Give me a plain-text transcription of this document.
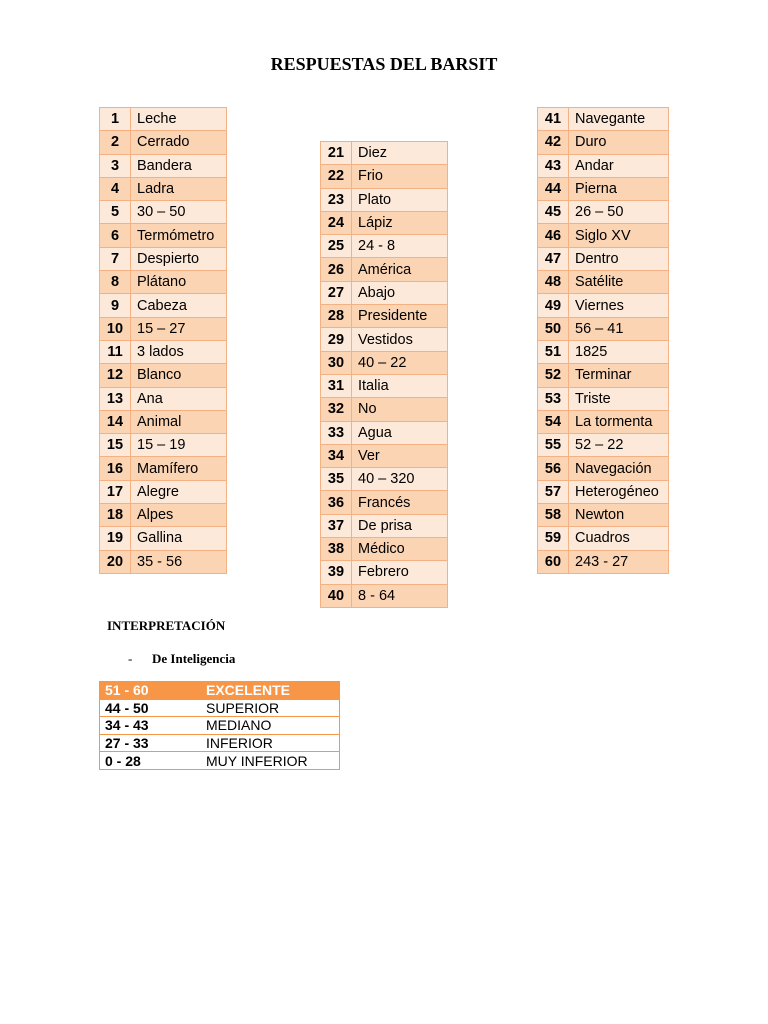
RESPUESTAS DEL BARSIT
1	Leche
2	Cerrado
3	Bandera
4	Ladra
5	30 – 50
6	Termómetro
7	Despierto
8	Plátano
9	Cabeza
10	15 – 27
11	3 lados
12	Blanco
13	Ana
14	Animal
15	15 – 19
16	Mamífero
17	Alegre
18	Alpes
19	Gallina
20	35 - 56
21	Diez
22	Frio
23	Plato
24	Lápiz
25	24 - 8
26	América
27	Abajo
28	Presidente
29	Vestidos
30	40 – 22
31	Italia
32	No
33	Agua
34	Ver
35	40 – 320
36	Francés
37	De prisa
38	Médico
39	Febrero
40	8 - 64
41	Navegante
42	Duro
43	Andar
44	Pierna
45	26 – 50
46	Siglo XV
47	Dentro
48	Satélite
49	Viernes
50	56 – 41
51	1825
52	Terminar
53	Triste
54	La tormenta
55	52 – 22
56	Navegación
57	Heterogéneo
58	Newton
59	Cuadros
60	243 - 27
INTERPRETACIÓN
- De Inteligencia
51 - 60	EXCELENTE
44 - 50	SUPERIOR
34 - 43	MEDIANO
27 - 33	INFERIOR
0 - 28	MUY INFERIOR
